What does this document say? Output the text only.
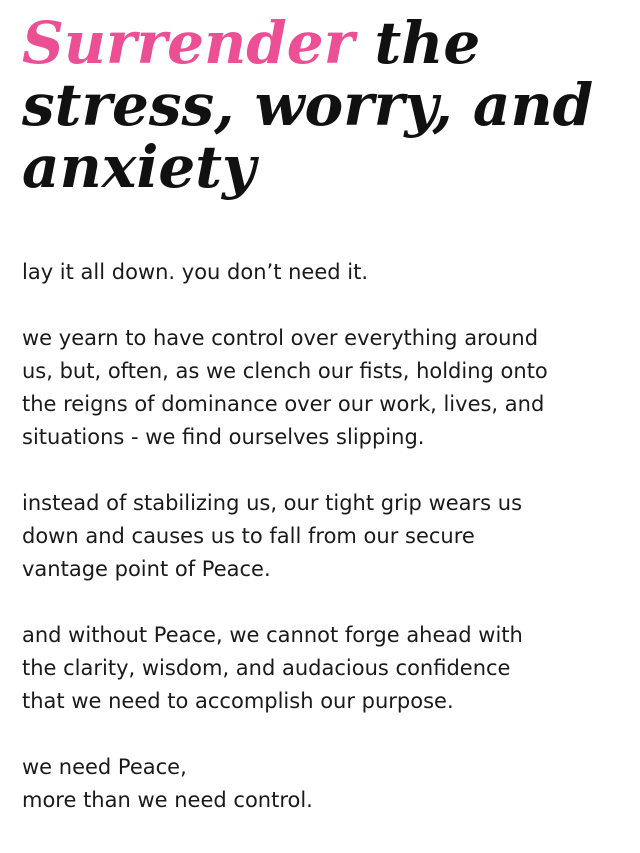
Surrender the
stress, worry, and
anxiety

lay it all down. you don’t need it.

we yearn to have control over everything around
us, but, often, as we clench our fists, holding onto
the reigns of dominance over our work, lives, and
situations - we find ourselves slipping.

instead of stabilizing us, our tight grip wears us
down and causes us to fall from our secure
vantage point of Peace.

and without Peace, we cannot forge ahead with
the clarity, wisdom, and audacious confidence
that we need to accomplish our purpose.

we need Peace,
more than we need control.
